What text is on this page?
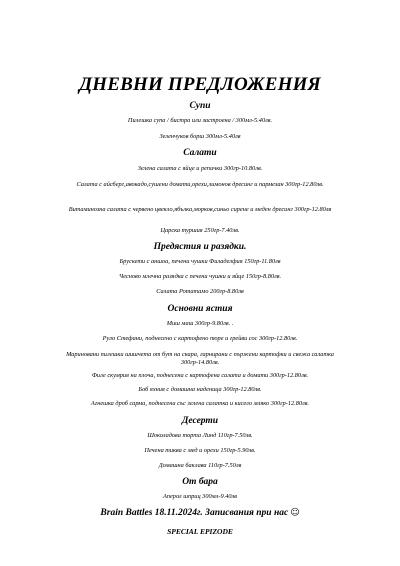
ДНЕВНИ ПРЕДЛОЖЕНИЯ
Супи
Пилешка супа / бистра или застроена / 300мл-5.40лв.
Зеленчуков борш 300мл-5.40лв
Салати
Зелена салата с яйце и репички 300гр-10.80лв.
Салата с айсберг,авокадо,сушени домати,орехи,лимонов дресинг и пармезан 300гр-12.80лв.
Витаминозна салата с червено цвекло,ябълка,морков,синьо сирене и меден дресинг 300гр-12.80лв
Царска туршия 250гр-7.40лв.
Предястия и разядки.
Брускети с аншоа, печени чушки Филаделфия 150гр-11.80лв
Чесново млечна разядка с печени чушки и яйце 150гр-8.80лв.
Салата Ротатамо 200гр-8.80лв
Основни ястия
Миш маш 300гр-9.80лв. .
Руло Стефани, поднесено с картофено пюре и грейви сос 300гр-12.80лв.
Мариновани пилешки шишчета от бут на скара, гарнирани с пържени картофки и свежа салатка 300гр-14.80лв.
Филе скумрия на плоча, поднесена с картофена салата и домати 300гр-12.80лв.
Боб яхния с домашна наденица 300гр-12.80лв.
Агнешка дроб сарма, поднесена със зелена салатка и кисело мляко 300гр-12.80лв.
Десерти
Шоколадова торта Линд 110гр-7.50лв.
Печена тиква с мед и орехи 150гр-5.90лв.
Домашна баклава 110гр-7.50лв
От бара
Аперол шприц 300мл-9.40лв
Brain Battles 18.11.2024г. Записвания при нас ☺
SPECIAL EPIZODE
